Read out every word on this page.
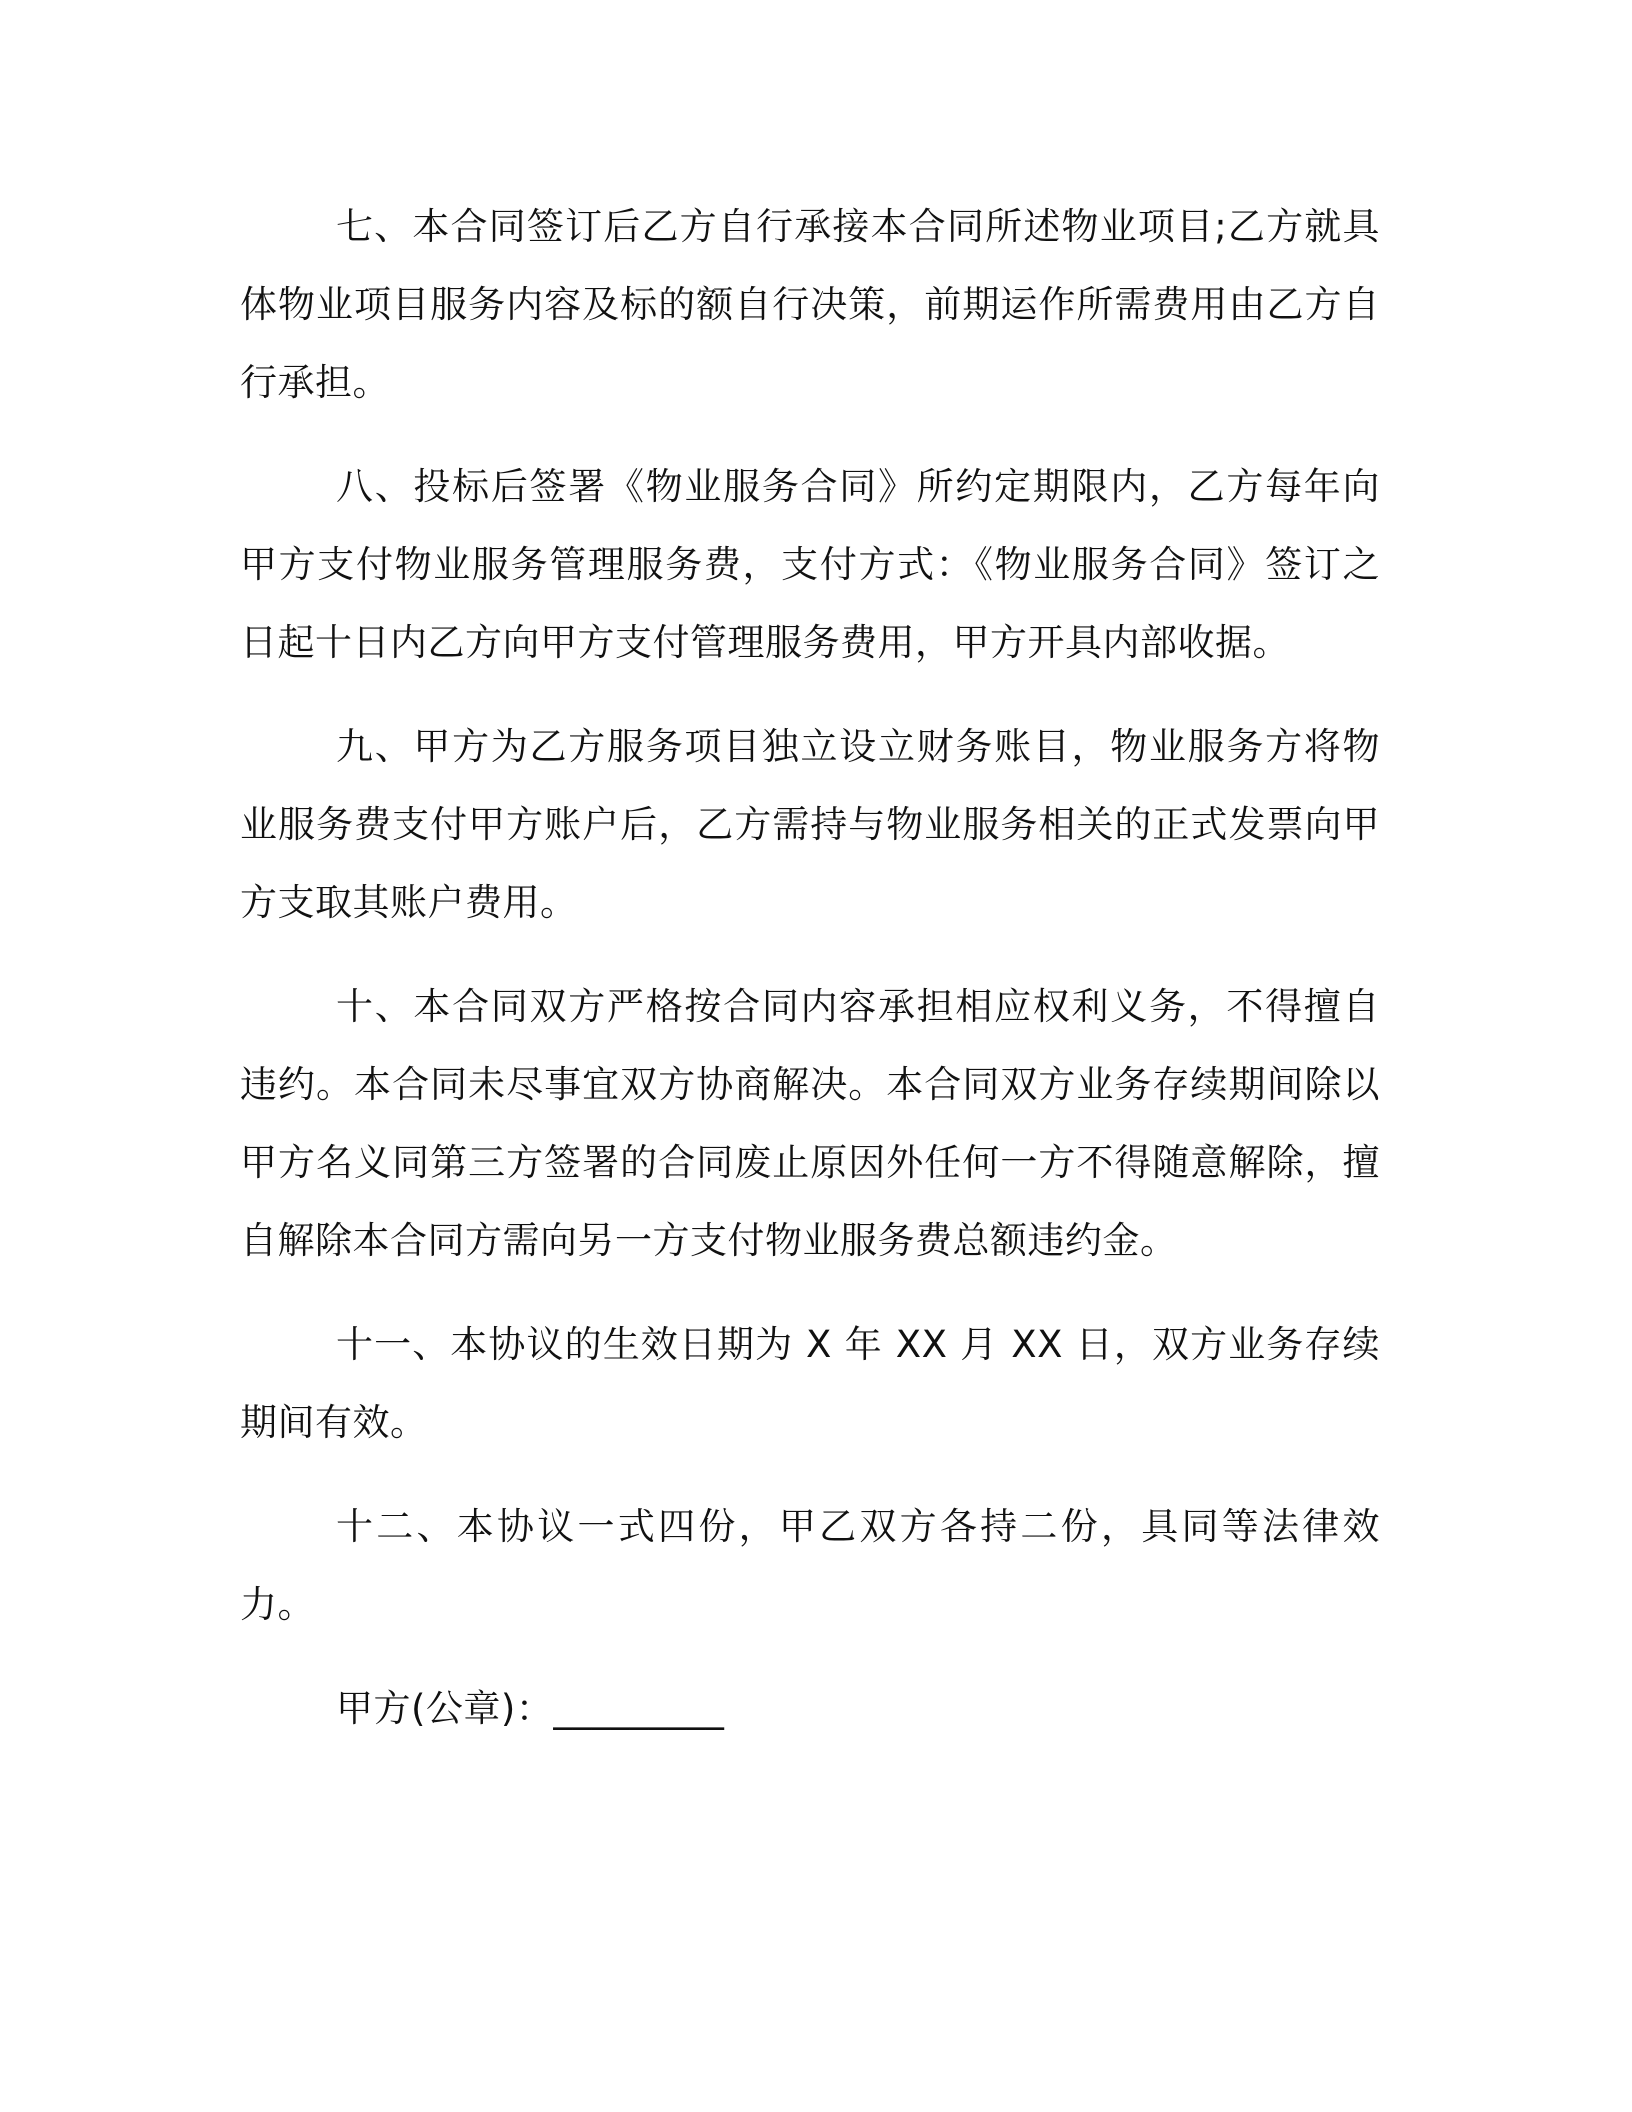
七、本合同签订后乙方自行承接本合同所述物业项目;乙方就具体物业项目服务内容及标的额自行决策，前期运作所需费用由乙方自行承担。

八、投标后签署《物业服务合同》所约定期限内，乙方每年向甲方支付物业服务管理服务费，支付方式：《物业服务合同》签订之日起十日内乙方向甲方支付管理服务费用，甲方开具内部收据。

九、甲方为乙方服务项目独立设立财务账目，物业服务方将物业服务费支付甲方账户后，乙方需持与物业服务相关的正式发票向甲方支取其账户费用。

十、本合同双方严格按合同内容承担相应权利义务，不得擅自违约。本合同未尽事宜双方协商解决。本合同双方业务存续期间除以甲方名义同第三方签署的合同废止原因外任何一方不得随意解除，擅自解除本合同方需向另一方支付物业服务费总额违约金。

十一、本协议的生效日期为 X 年 XX 月 XX 日，双方业务存续期间有效。

十二、本协议一式四份，甲乙双方各持二份，具同等法律效力。

甲方(公章)：_________
